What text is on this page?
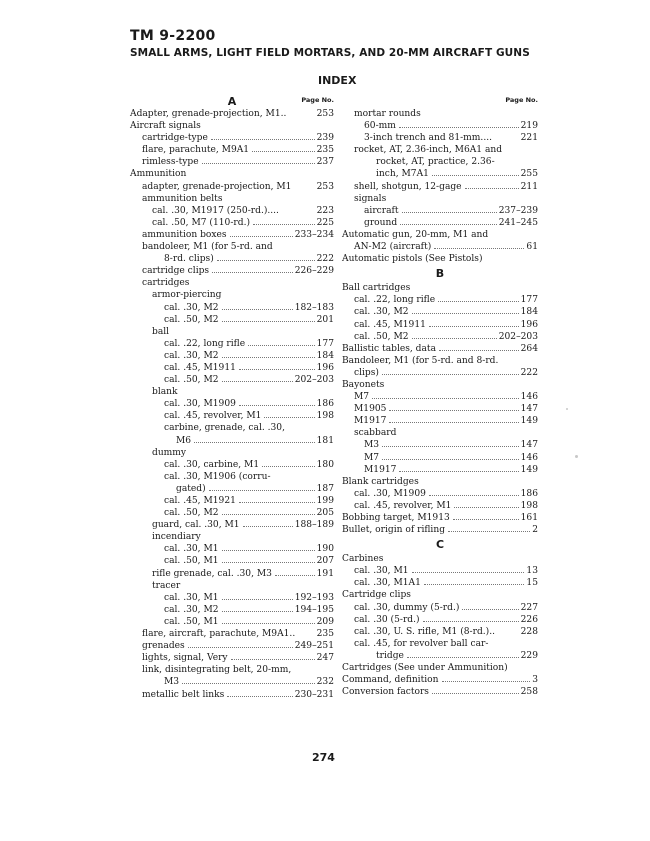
TM 9-2200
SMALL ARMS, LIGHT FIELD MORTARS, AND 20-MM AIRCRAFT GUNS
INDEX
Page No.
A
Adapter, grenade-projection, M1..	253
Aircraft signals
cartridge-type	239
flare, parachute, M9A1	235
rimless-type	237
Ammunition
adapter, grenade-projection, M1	253
ammunition belts
cal. .30, M1917 (250-rd.)....	223
cal. .50, M7 (110-rd.)	225
ammunition boxes	233–234
bandoleer, M1 (for 5-rd. and
8-rd. clips)	222
cartridge clips	226–229
cartridges
armor-piercing
cal. .30, M2	182–183
cal. .50, M2	201
ball
cal. .22, long rifle	177
cal. .30, M2	184
cal. .45, M1911	196
cal. .50, M2	202–203
blank
cal. .30, M1909	186
cal. .45, revolver, M1	198
carbine, grenade, cal. .30,
M6	181
dummy
cal. .30, carbine, M1	180
cal. .30, M1906 (corru-
gated)	187
cal. .45, M1921	199
cal. .50, M2	205
guard, cal. .30, M1	188–189
incendiary
cal. .30, M1	190
cal. .50, M1	207
rifle grenade, cal. .30, M3	191
tracer
cal. .30, M1	192–193
cal. .30, M2	194–195
cal. .50, M1	209
flare, aircraft, parachute, M9A1.. 235
grenades	249–251
lights, signal, Very	247
link, disintegrating belt, 20-mm,
M3	232
metallic belt links	230–231
Page No.
mortar rounds
60-mm	219
3-inch trench and 81-mm....	221
rocket, AT, 2.36-inch, M6A1 and
rocket, AT, practice, 2.36-
inch, M7A1	255
shell, shotgun, 12-gage	211
signals
aircraft	237–239
ground	241–245
Automatic gun, 20-mm, M1 and
AN-M2 (aircraft)	61
Automatic pistols (See Pistols)
B
Ball cartridges
cal. .22, long rifle	177
cal. .30, M2	184
cal. .45, M1911	196
cal. .50, M2	202–203
Ballistic tables, data	264
Bandoleer, M1 (for 5-rd. and 8-rd.
clips)	222
Bayonets
M7	146
M1905	147
M1917	149
scabbard
M3	147
M7	146
M1917	149
Blank cartridges
cal. .30, M1909	186
cal. .45, revolver, M1	198
Bobbing target, M1913	161
Bullet, origin of rifling	2
C
Carbines
cal. .30, M1	13
cal. .30, M1A1	15
Cartridge clips
cal. .30, dummy (5-rd.)	227
cal. .30 (5-rd.)	226
cal. .30, U. S. rifle, M1 (8-rd.)..	228
cal. .45, for revolver ball car-
tridge	229
Cartridges (See under Ammunition)
Command, definition	3
Conversion factors	258
274
